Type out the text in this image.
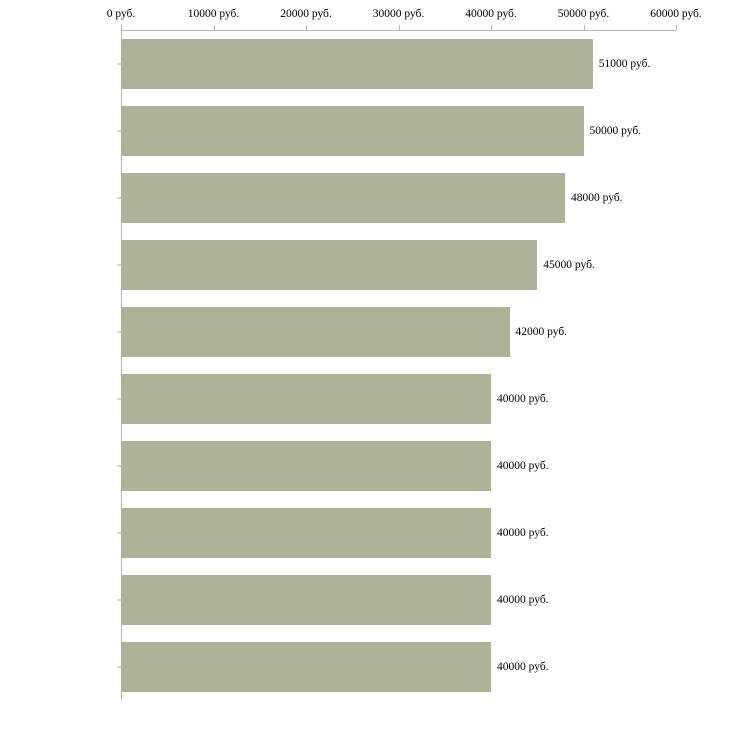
0 руб.	10000 руб.	20000 руб.	30000 руб.	40000 руб.	50000 руб.	60000 руб.
51000 руб.
50000 руб.
48000 руб.
45000 руб.
42000 руб.
40000 руб.
40000 руб.
40000 руб.
40000 руб.
40000 руб.
